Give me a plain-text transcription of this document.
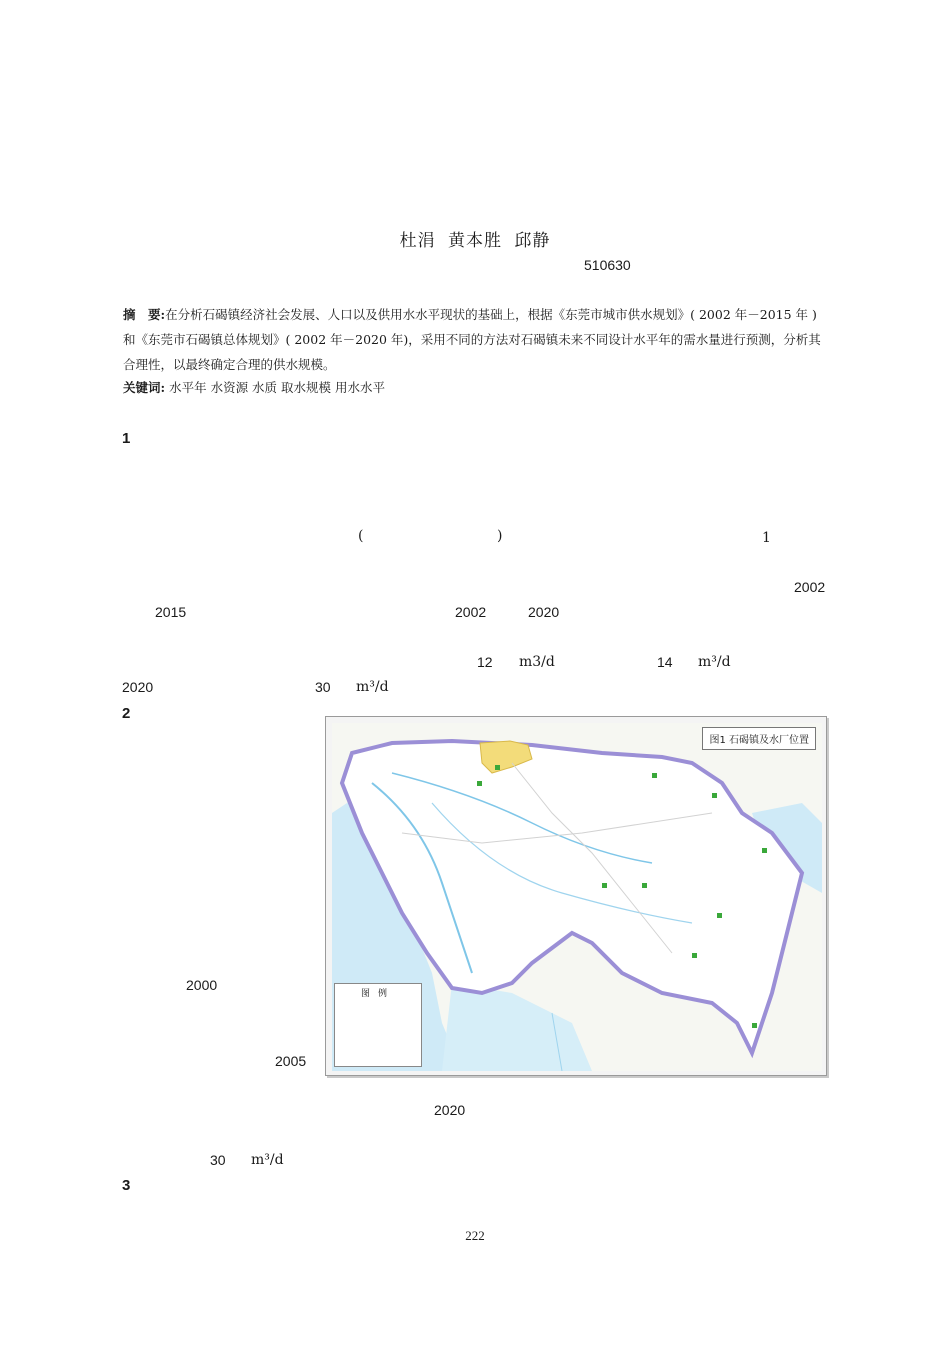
杜涓 黄本胜 邱静
510630
摘　要:在分析石碣镇经济社会发展、人口以及供用水水平现状的基础上，根据《东莞市城市供水规划》( 2002 年－2015 年 ) 和《东莞市石碣镇总体规划》( 2002 年－2020 年)，采用不同的方法对石碣镇未来不同设计水平年的需水量进行预测，分析其合理性，以最终确定合理的供水规模。
关键词: 水平年 水资源 水质 取水规模 用水水平
1
(	)	1
2002
2015	2002	2020
12 m3/d	14 m³/d
2020	30 m³/d
2
2000
2005
2020
30 m³/d
3
图1 石碣镇及水厂位置
图例
222
